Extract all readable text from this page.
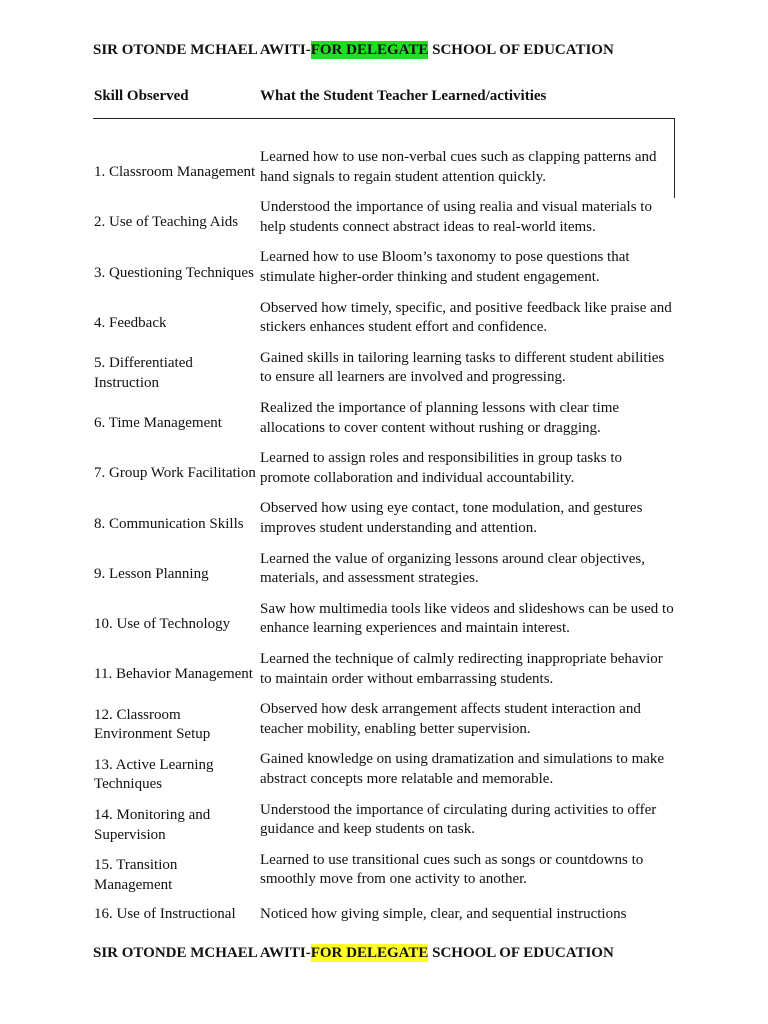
SIR OTONDE MCHAEL AWITI-FOR DELEGATE SCHOOL OF EDUCATION
Skill Observed	What the Student Teacher Learned/activities
1. Classroom Management
Learned how to use non-verbal cues such as clapping patterns and hand signals to regain student attention quickly.
2. Use of Teaching Aids
Understood the importance of using realia and visual materials to help students connect abstract ideas to real-world items.
3. Questioning Techniques
Learned how to use Bloom’s taxonomy to pose questions that stimulate higher-order thinking and student engagement.
4. Feedback
Observed how timely, specific, and positive feedback like praise and stickers enhances student effort and confidence.
5. Differentiated Instruction
Gained skills in tailoring learning tasks to different student abilities to ensure all learners are involved and progressing.
6. Time Management
Realized the importance of planning lessons with clear time allocations to cover content without rushing or dragging.
7. Group Work Facilitation
Learned to assign roles and responsibilities in group tasks to promote collaboration and individual accountability.
8. Communication Skills
Observed how using eye contact, tone modulation, and gestures improves student understanding and attention.
9. Lesson Planning
Learned the value of organizing lessons around clear objectives, materials, and assessment strategies.
10. Use of Technology
Saw how multimedia tools like videos and slideshows can be used to enhance learning experiences and maintain interest.
11. Behavior Management
Learned the technique of calmly redirecting inappropriate behavior to maintain order without embarrassing students.
12. Classroom Environment Setup
Observed how desk arrangement affects student interaction and teacher mobility, enabling better supervision.
13. Active Learning Techniques
Gained knowledge on using dramatization and simulations to make abstract concepts more relatable and memorable.
14. Monitoring and Supervision
Understood the importance of circulating during activities to offer guidance and keep students on task.
15. Transition Management
Learned to use transitional cues such as songs or countdowns to smoothly move from one activity to another.
16. Use of Instructional	Noticed how giving simple, clear, and sequential instructions
SIR OTONDE MCHAEL AWITI-FOR DELEGATE SCHOOL OF EDUCATION
